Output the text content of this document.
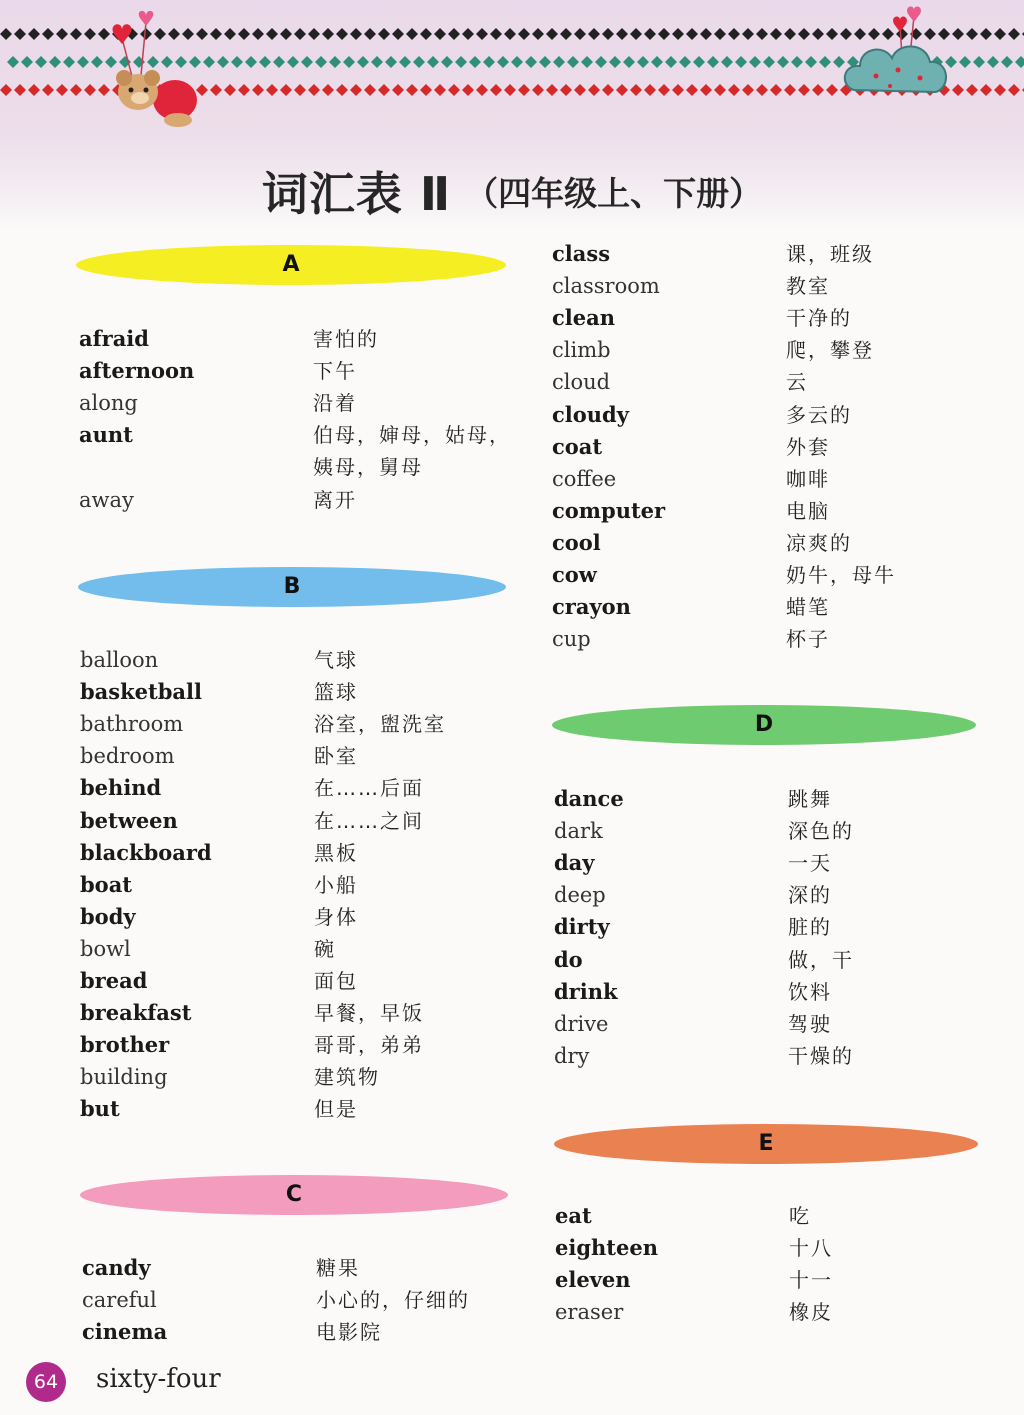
词汇表 Ⅱ （四年级上、下册）
A
afraid	害怕的
afternoon	下午
along	沿着
aunt	伯母，婶母，姑母，姨母，舅母
away	离开
B
balloon	气球
basketball	篮球
bathroom	浴室，盥洗室
bedroom	卧室
behind	在……后面
between	在……之间
blackboard	黑板
boat	小船
body	身体
bowl	碗
bread	面包
breakfast	早餐，早饭
brother	哥哥，弟弟
building	建筑物
but	但是
C
candy	糖果
careful	小心的，仔细的
cinema	电影院
class	课，班级
classroom	教室
clean	干净的
climb	爬，攀登
cloud	云
cloudy	多云的
coat	外套
coffee	咖啡
computer	电脑
cool	凉爽的
cow	奶牛，母牛
crayon	蜡笔
cup	杯子
D
dance	跳舞
dark	深色的
day	一天
deep	深的
dirty	脏的
do	做，干
drink	饮料
drive	驾驶
dry	干燥的
E
eat	吃
eighteen	十八
eleven	十一
eraser	橡皮
64	sixty-four
